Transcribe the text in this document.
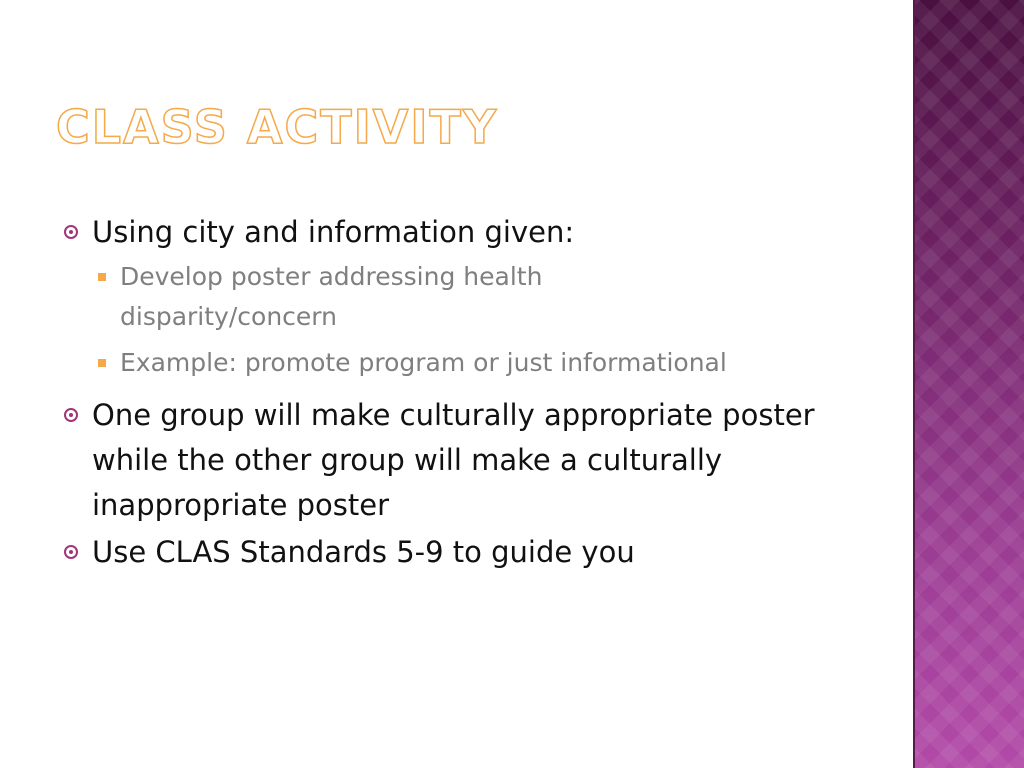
CLASS ACTIVITY
Using city and information given:
Develop poster addressing health disparity/concern
Example: promote program or just informational
One group will make culturally appropriate poster while the other group will make a culturally inappropriate poster
Use CLAS Standards 5-9 to guide you
